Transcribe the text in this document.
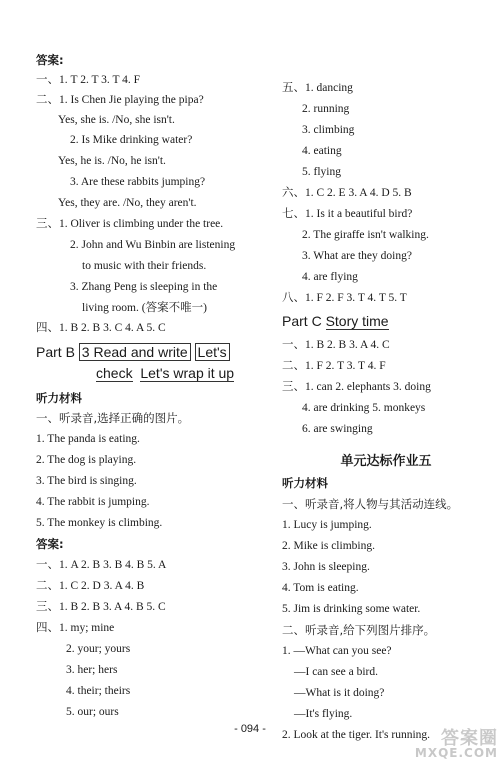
答案:
一、1. T 2. T 3. T 4. F
二、1. Is Chen Jie playing the pipa?
Yes, she is. /No, she isn't.
2. Is Mike drinking water?
Yes, he is. /No, he isn't.
3. Are these rabbits jumping?
Yes, they are. /No, they aren't.
三、1. Oliver is climbing under the tree.
2. John and Wu Binbin are listening
to music with their friends.
3. Zhang Peng is sleeping in the
living room. (答案不唯一)
四、1. B 2. B 3. C 4. A 5. C
Part B 3 Read and write Let's
check Let's wrap it up
听力材料
一、听录音,选择正确的图片。
1. The panda is eating.
2. The dog is playing.
3. The bird is singing.
4. The rabbit is jumping.
5. The monkey is climbing.
答案:
一、1. A 2. B 3. B 4. B 5. A
二、1. C 2. D 3. A 4. B
三、1. B 2. B 3. A 4. B 5. C
四、1. my; mine
2. your; yours
3. her; hers
4. their; theirs
5. our; ours
五、1. dancing
2. running
3. climbing
4. eating
5. flying
六、1. C 2. E 3. A 4. D 5. B
七、1. Is it a beautiful bird?
2. The giraffe isn't walking.
3. What are they doing?
4. are flying
八、1. F 2. F 3. T 4. T 5. T
Part C Story time
一、1. B 2. B 3. A 4. C
二、1. F 2. T 3. T 4. F
三、1. can 2. elephants 3. doing
4. are drinking 5. monkeys
6. are swinging
单元达标作业五
听力材料
一、听录音,将人物与其活动连线。
1. Lucy is jumping.
2. Mike is climbing.
3. John is sleeping.
4. Tom is eating.
5. Jim is drinking some water.
二、听录音,给下列图片排序。
1. —What can you see?
—I can see a bird.
—What is it doing?
—It's flying.
2. Look at the tiger. It's running.
- 094 -	答案圈
MXQE.COM
